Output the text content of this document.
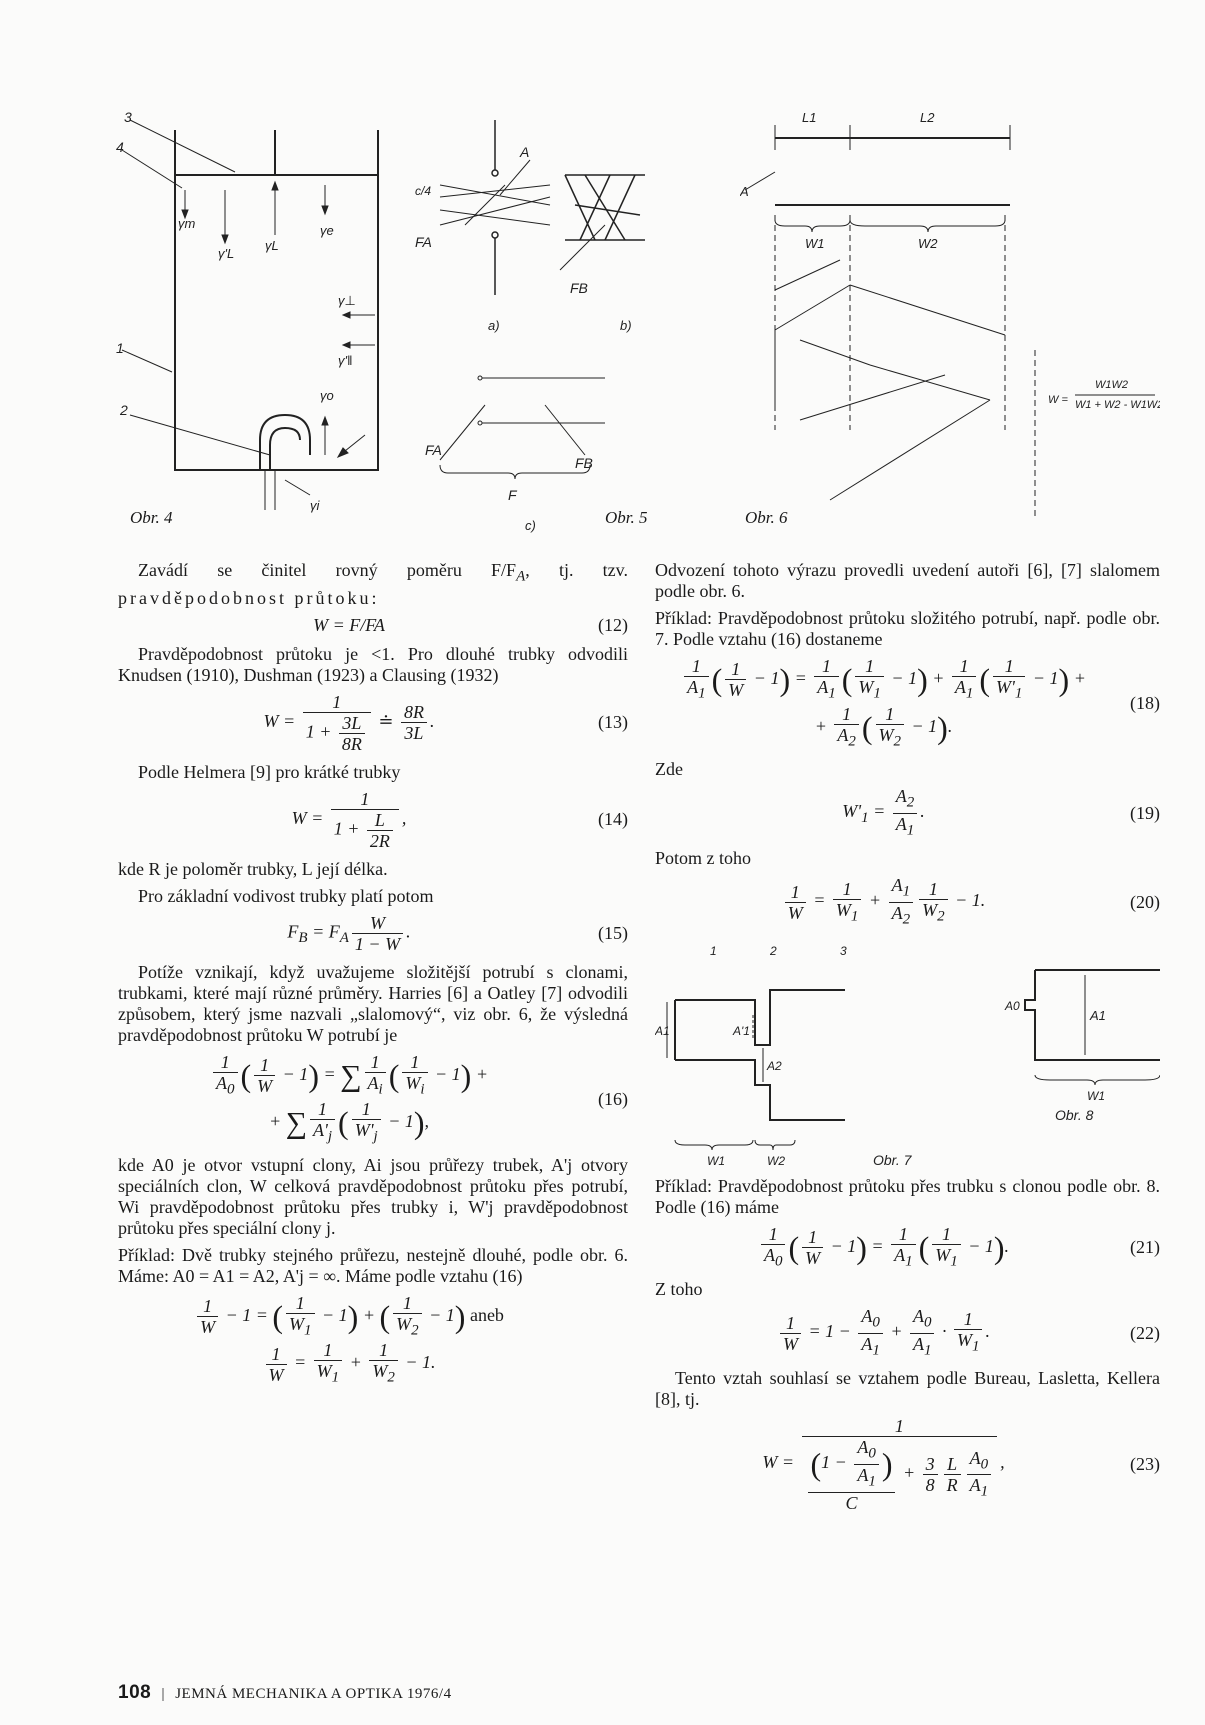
3
4
1
2
γm
γ'L
γL
γe
γ⊥
γ'‖
γo
γi
Obr. 4
c/4
A
FA
FB
a)	b)
FA
FB
F
c)	Obr. 5
L1	L2
A
W1	W2
W =
W1W2
W1 + W2 - W1W2
Obr. 6

Zavádí se činitel rovný poměru $F/F_A$, tj. tzv. pravděpodobnost průtoku:

W = F/FA	(12)

Pravděpodobnost průtoku je <1. Pro dlouhé trubky odvodili Knudsen (1910), Dushman (1923) a Clausing (1932)

$W = \frac{1}{1 + \frac{3L}{8R}}$ ≐ $\frac{8R}{3L}$ .	(13)

Podle Helmera [9] pro krátké trubky

$W = \frac{1}{1 + \frac{L}{2R}}$ ,	(14)

kde R je poloměr trubky, L její délka.

Pro základní vodivost trubky platí potom

$F_B = F_A \frac{W}{1 - W}$ .	(15)

Potíže vznikají, když uvažujeme složitější potrubí s clonami, trubkami, které mají různé průměry. Harries [6] a Oatley [7] odvodili způsobem, který jsme nazvali „slalomový“, viz obr. 6, že výsledná pravděpodobnost průtoku W potrubí je

$\frac{1}{A_0}$ ( $\frac{1}{W} - 1$) = ∑ $\frac{1}{A_i}$ ( $\frac{1}{W_i} - 1$) +
+ ∑ $\frac{1}{A'_j}$ ( $\frac{1}{W'_j} - 1$),
(16)

kde A0 je otvor vstupní clony, Ai jsou průřezy trubek, A'j otvory speciálních clon, W celková pravděpodobnost průtoku přes potrubí, Wi pravděpodobnost průtoku přes trubky i, W'j pravděpodobnost průtoku přes speciální clony j.

Příklad: Dvě trubky stejného průřezu, nestejně dlouhé, podle obr. 6. Máme: A0 = A1 = A2, A'j = ∞. Máme podle vztahu (16)

$\frac{1}{W} - 1$ = ( $\frac{1}{W_1} - 1$) + ( $\frac{1}{W_2} - 1$) aneb

$\frac{1}{W} = \frac{1}{W_1} + \frac{1}{W_2} - 1$.

Odvození tohoto výrazu provedli uvedení autoři [6], [7] slalomem podle obr. 6.

Příklad: Pravděpodobnost průtoku složitého potrubí, např. podle obr. 7. Podle vztahu (16) dostaneme

$\frac{1}{A_1}$ ( $\frac{1}{W} - 1) = \frac{1}{A_1}$ ( $\frac{1}{W_1} - 1) + \frac{1}{A_1}$ ( $\frac{1}{W'_1} - 1$) +
+ $\frac{1}{A_2}$ ( $\frac{1}{W_2} - 1$).
(18)

Zde

$W'_1 = \frac{A_2}{A_1}$ .	(19)

Potom z toho

$\frac{1}{W} = \frac{1}{W_1} + \frac{A_1}{A_2} \frac{1}{W_2} - 1$.	(20)
1	2	3
A1	A'1
A2
W1	W2	Obr. 7
A0
A1
W1
Obr. 8

Příklad: Pravděpodobnost průtoku přes trubku s clonou podle obr. 8. Podle (16) máme

$\frac{1}{A_0}$ ( $\frac{1}{W} - 1) = \frac{1}{A_1}$ ( $\frac{1}{W_1} - 1$).	(21)

Z toho

$\frac{1}{W} = 1 - \frac{A_0}{A_1} + \frac{A_0}{A_1} \cdot \frac{1}{W_1}$ .	(22)

Tento vztah souhlasí se vztahem podle Bureau, Lasletta, Kellera [8], tj.

$W = \frac{1}{\frac{(1 - \frac{A_0}{A_1} )}{C} + \frac{3}{8} \frac{L}{R} \frac{A_0}{A_1}}$ ,	(23)
108 | JEMNÁ MECHANIKA A OPTIKA 1976/4
